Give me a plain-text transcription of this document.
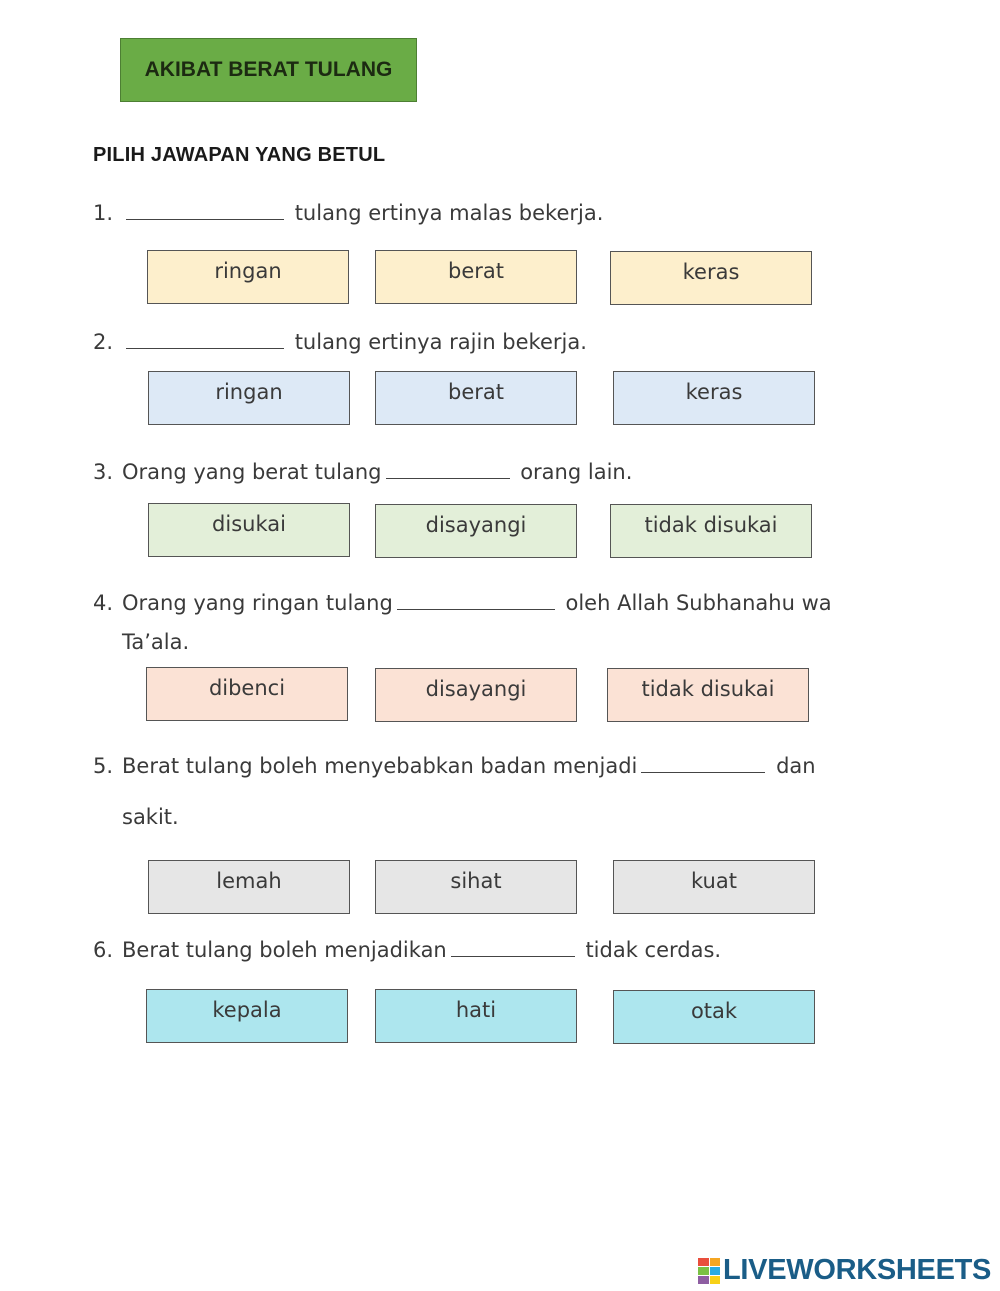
AKIBAT BERAT TULANG
PILIH JAWAPAN YANG BETUL
1.	tulang ertinya malas bekerja.
ringan	berat	keras
2.	tulang ertinya rajin bekerja.
ringan	berat	keras
3. Orang yang berat tulang	orang lain.
disukai	disayangi	tidak disukai
4. Orang yang ringan tulang	oleh Allah Subhanahu wa
Ta’ala.
dibenci	disayangi	tidak disukai
5. Berat tulang boleh menyebabkan badan menjadi	dan
sakit.
lemah	sihat	kuat
6. Berat tulang boleh menjadikan	tidak cerdas.
kepala	hati	otak
LIVEWORKSHEETS
